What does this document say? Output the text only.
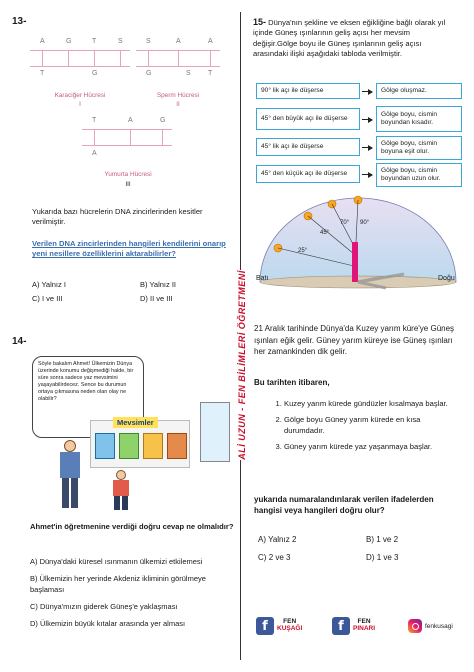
13-
A	G	T	S
T	G
Karaciğer Hücresi
I
S	A	A
G	S T
Sperm Hücresi
II
T	A	G
A
Yumurta Hücresi
III
Yukarıda bazı hücrelerin DNA zincirlerinden kesitler verilmiştir.
Verilen DNA zincirlerinden hangileri kendilerini onarıp yeni nesillere özelliklerini aktarabilirler?
A) Yalnız I	B) Yalnız II
C) I ve III	D) II ve III
14-
Söyle bakalım Ahmet! Ülkemizin Dünya üzerinde konumu değişmediği halde, bir süre sonra sadece yaz mevsimini yaşayabilirdecez. Sence bu durumun ortaya çıkmasına neden olan olay ne olabilir?
Mevsimler
Ahmet'in öğretmenine verdiği doğru cevap ne olmalıdır?
A) Dünya'daki küresel ısınmanın ülkemizi etkilemesi
B) Ülkemizin her yerinde Akdeniz ikliminin görülmeye başlaması
C) Dünya'mızın giderek Güneş'e yaklaşması
D) Ülkemizin büyük kıtalar arasında yer alması
ALİ UZUN - FEN BİLİMLERİ ÖĞRETMENİ
15- Dünya'nın şekline ve eksen eğikliğine bağlı olarak yıl içinde Güneş ışınlarının geliş açısı her mevsim değişir.Gölge boyu ile Güneş ışınlarının geliş açısı arasındaki ilişki aşağıdaki tabloda verilmiştir.
90° lik açı ile düşerse	Gölge oluşmaz.
45° den büyük açı ile düşerse
Gölge boyu, cismin boyundan kısadır.
45° lik açı ile düşerse	Gölge boyu, cismin boyuna eşit olur.
45° den küçük açı ile düşerse	Gölge boyu, cismin boyundan uzun olur.
70° 90°
45°
25°
Batı	Doğu
21 Aralık tarihinde Dünya'da Kuzey yarım küre'ye Güneş ışınları eğik gelir. Güney yarım küreye ise Güneş ışınları her zamankinden dik gelir.
Bu tarihten itibaren,
1. Kuzey yarım kürede gündüzler kısalmaya başlar.
2. Gölge boyu Güney yarım kürede en kısa durumdadır.
3. Güney yarım kürede yaz yaşanmaya başlar.
yukarıda numaralandırılarak verilen ifadelerden hangisi veya hangileri doğru olur?
A) Yalnız 2	B) 1 ve 2
C) 2 ve 3	D) 1 ve 3
f	FEN
KUŞAĞI	f	FEN
PINARI	fenkusagi
